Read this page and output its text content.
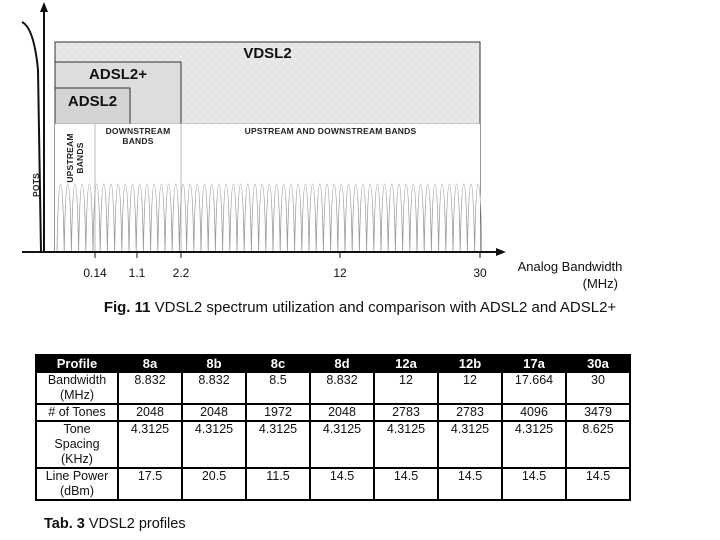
VDSL2
ADSL2+
ADSL2
UPSTREAM BANDS
DOWNSTREAM
BANDS
UPSTREAM AND DOWNSTREAM BANDS
POTS
0.14	1.1	2.2	12	30	Analog Bandwidth
(MHz)
Fig. 11 VDSL2 spectrum utilization and comparison with ADSL2 and ADSL2+
Profile	8a	8b	8c	8d	12a	12b	17a	30a

Bandwidth
(MHz)	8.832	8.832	8.5	8.832	12	12	17.664	30
# of Tones	2048	2048	1972	2048	2783	2783	4096	3479

Tone
Spacing
(KHz)	4.3125	4.3125	4.3125	4.3125	4.3125	4.3125	4.3125	8.625

Line Power
(dBm)	17.5	20.5	11.5	14.5	14.5	14.5	14.5	14.5
Tab. 3 VDSL2 profiles
